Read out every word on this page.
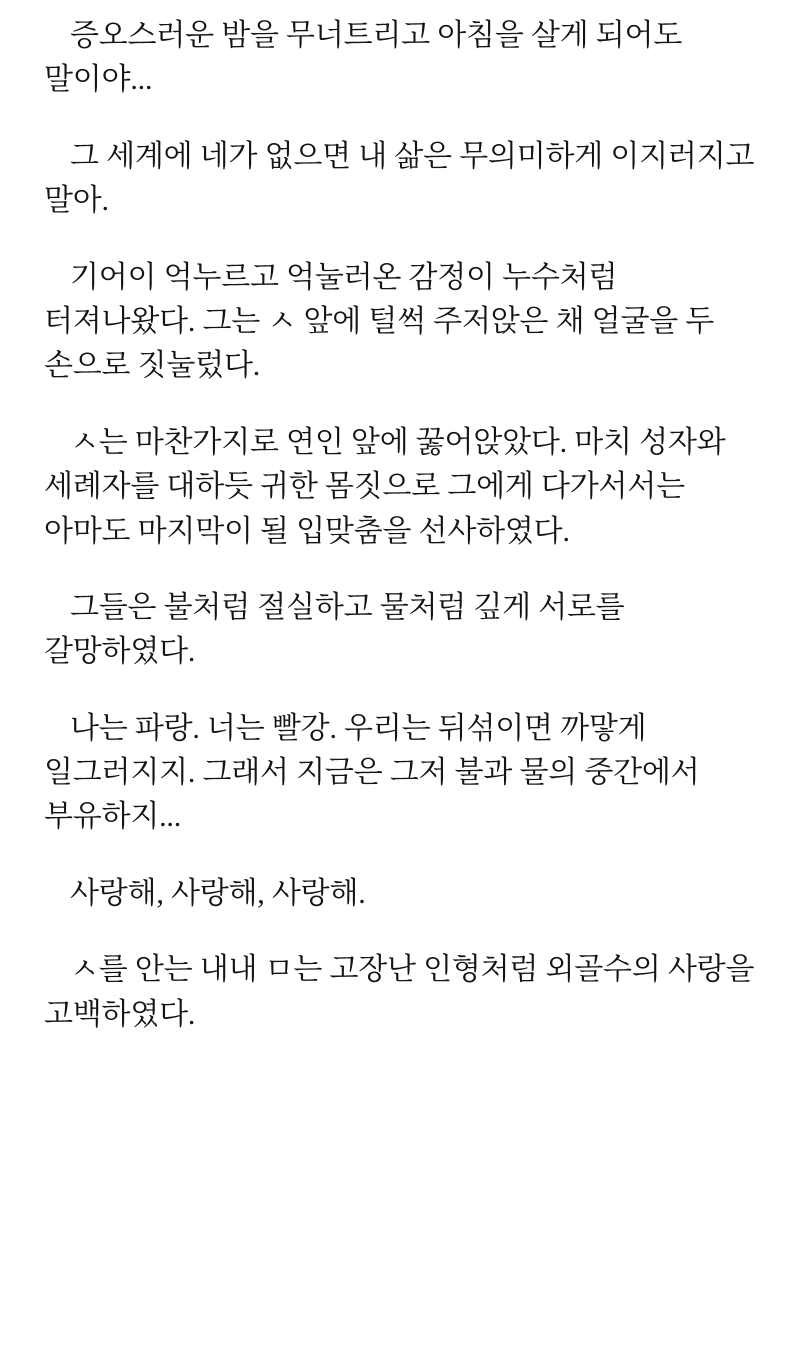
증오스러운 밤을 무너트리고 아침을 살게 되어도 말이야...

그 세계에 네가 없으면 내 삶은 무의미하게 이지러지고 말아.

기어이 억누르고 억눌러온 감정이 누수처럼 터져나왔다. 그는 ㅅ 앞에 털썩 주저앉은 채 얼굴을 두 손으로 짓눌렀다.

ㅅ는 마찬가지로 연인 앞에 꿇어앉았다. 마치 성자와 세례자를 대하듯 귀한 몸짓으로 그에게 다가서서는 아마도 마지막이 될 입맞춤을 선사하였다.

그들은 불처럼 절실하고 물처럼 깊게 서로를 갈망하였다.

나는 파랑. 너는 빨강. 우리는 뒤섞이면 까맣게 일그러지지. 그래서 지금은 그저 불과 물의 중간에서 부유하지...

사랑해, 사랑해, 사랑해.

ㅅ를 안는 내내 ㅁ는 고장난 인형처럼 외골수의 사랑을 고백하였다.
